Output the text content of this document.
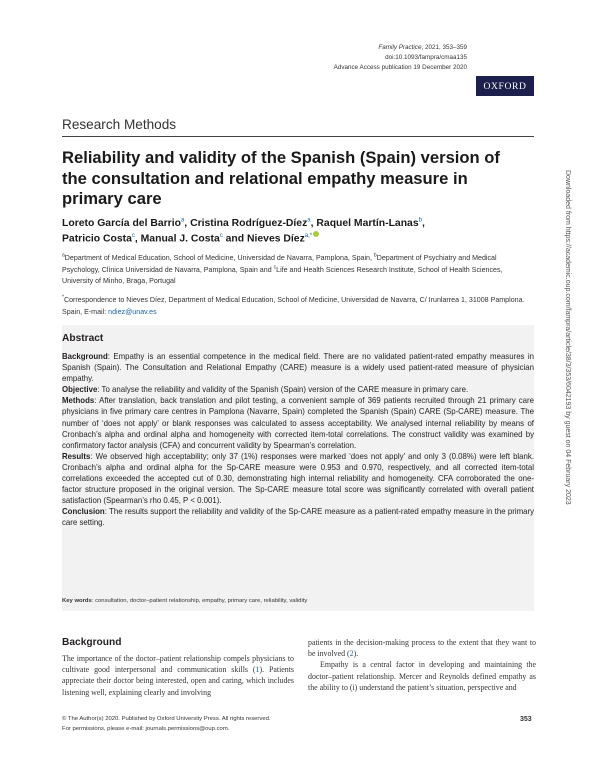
Family Practice, 2021, 353–359
doi:10.1093/fampra/cmaa135
Advance Access publication 19 December 2020
OXFORD
Research Methods
Reliability and validity of the Spanish (Spain) version of the consultation and relational empathy measure in primary care
Loreto García del Barrio$^a$, Cristina Rodríguez-Díez$^a$, Raquel Martín-Lanas$^b$,
Patricio Costa$^c$, Manual J. Costa$^c$ and Nieves Díez$^{a,*}$
$^a$Department of Medical Education, School of Medicine, Universidad de Navarra, Pamplona, Spain, $^b$Department of Psychiatry and Medical Psychology, Clínica Universidad de Navarra, Pamplona, Spain and $^c$Life and Health Sciences Research Institute, School of Health Sciences, University of Minho, Braga, Portugal
*Correspondence to Nieves Díez, Department of Medical Education, School of Medicine, Universidad de Navarra, C/ Irunlarrea 1, 31008 Pamplona. Spain, E-mail: ndiez@unav.es
Abstract

Background: Empathy is an essential competence in the medical field. There are no validated patient-rated empathy measures in Spanish (Spain). The Consultation and Relational Empathy (CARE) measure is a widely used patient-rated measure of physician empathy.

Objective: To analyse the reliability and validity of the Spanish (Spain) version of the CARE measure in primary care.

Methods: After translation, back translation and pilot testing, a convenient sample of 369 patients recruited through 21 primary care physicians in five primary care centres in Pamplona (Navarre, Spain) completed the Spanish (Spain) CARE (Sp-CARE) measure. The number of ‘does not apply’ or blank responses was calculated to assess acceptability. We analysed internal reliability by means of Cronbach’s alpha and ordinal alpha and homogeneity with corrected item-total correlations. The construct validity was examined by confirmatory factor analysis (CFA) and concurrent validity by Spearman’s correlation.

Results: We observed high acceptability; only 37 (1%) responses were marked ‘does not apply’ and only 3 (0.08%) were left blank. Cronbach’s alpha and ordinal alpha for the Sp-CARE measure were 0.953 and 0.970, respectively, and all corrected item-total correlations exceeded the accepted cut of 0.30, demonstrating high internal reliability and homogeneity. CFA corroborated the one-factor structure proposed in the original version. The Sp-CARE measure total score was significantly correlated with overall patient satisfaction (Spearman’s rho 0.45, P < 0.001).

Conclusion: The results support the reliability and validity of the Sp-CARE measure as a patient-rated empathy measure in the primary care setting.

Key words: consultation, doctor–patient relationship, empathy, primary care, reliability, validity
Background

The importance of the doctor–patient relationship compels physicians to cultivate good interpersonal and communication skills (1). Patients appreciate their doctor being interested, open and caring, which includes listening well, explaining clearly and involving

patients in the decision-making process to the extent that they want to be involved (2).

Empathy is a central factor in developing and maintaining the doctor–patient relationship. Mercer and Reynolds defined empathy as the ability to (i) understand the patient’s situation, perspective and

© The Author(s) 2020. Published by Oxford University Press. All rights reserved.
For permissions, please e-mail: journals.permissions@oup.com.
353
Downloaded from https://academic.oup.com/fampra/article/38/3/353/6042193 by guest on 04 February 2023
